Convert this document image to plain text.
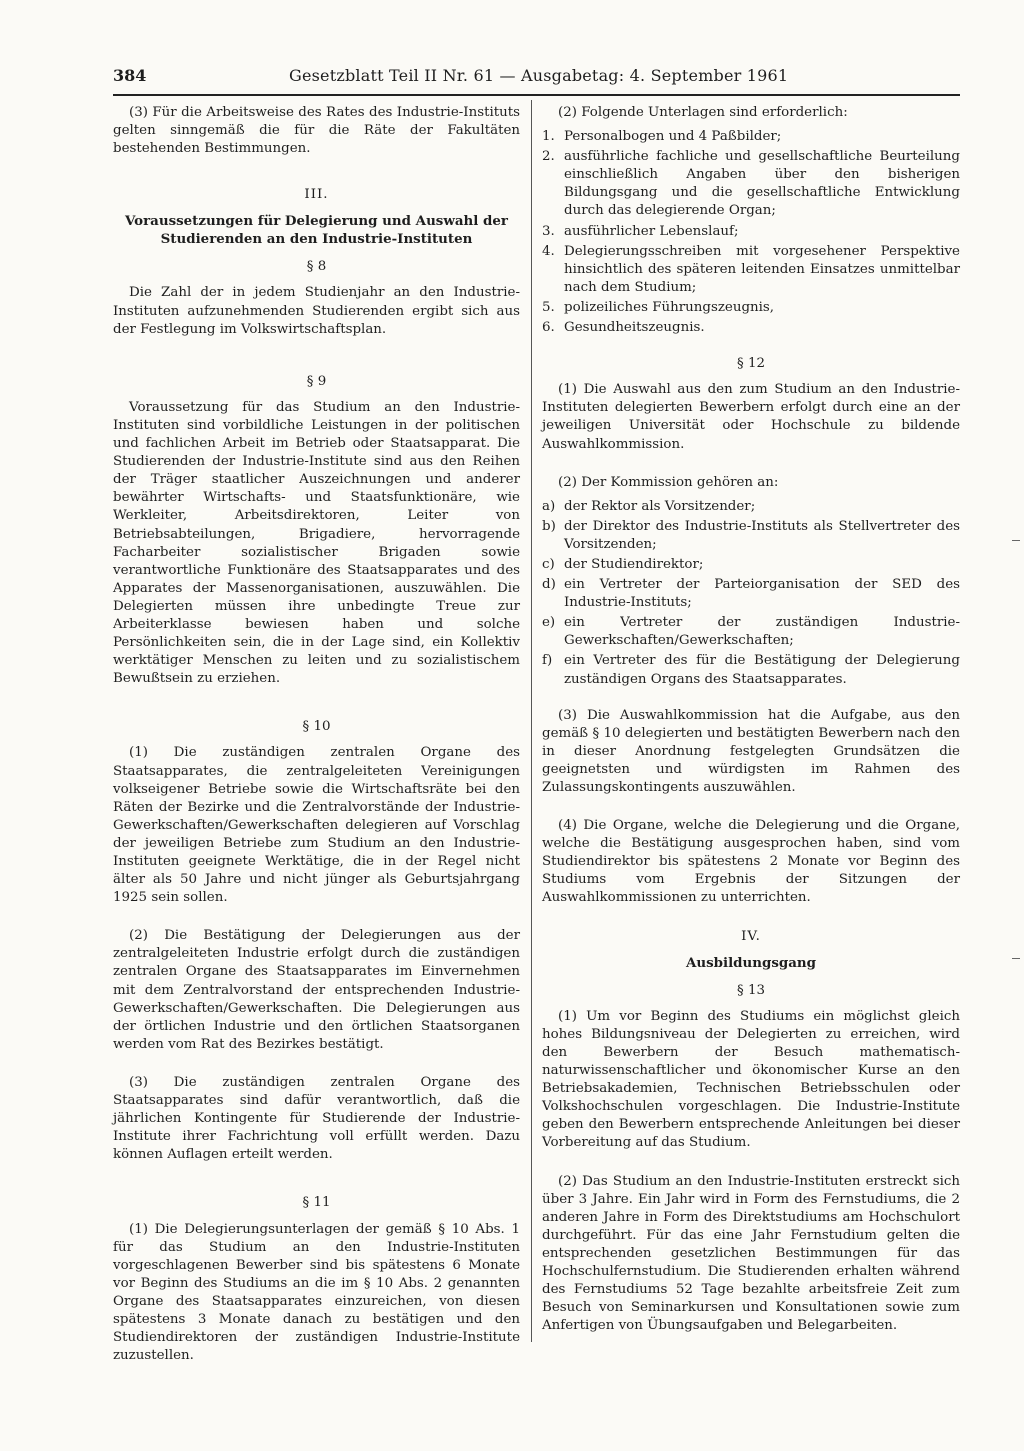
384	Gesetzblatt Teil II Nr. 61 — Ausgabetag: 4. September 1961

(3) Für die Arbeitsweise des Rates des Industrie-Instituts gelten sinngemäß die für die Räte der Fakultäten bestehenden Bestimmungen.

III.

Voraussetzungen für Delegierung und Auswahl der Studierenden an den Industrie-Instituten

§ 8

Die Zahl der in jedem Studienjahr an den Industrie-Instituten aufzunehmenden Studierenden ergibt sich aus der Festlegung im Volkswirtschaftsplan.

§ 9

Voraussetzung für das Studium an den Industrie-Instituten sind vorbildliche Leistungen in der politischen und fachlichen Arbeit im Betrieb oder Staatsapparat. Die Studierenden der Industrie-Institute sind aus den Reihen der Träger staatlicher Auszeichnungen und anderer bewährter Wirtschafts- und Staatsfunktionäre, wie Werkleiter, Arbeitsdirektoren, Leiter von Betriebsabteilungen, Brigadiere, hervorragende Facharbeiter sozialistischer Brigaden sowie verantwortliche Funktionäre des Staatsapparates und des Apparates der Massenorganisationen, auszuwählen. Die Delegierten müssen ihre unbedingte Treue zur Arbeiterklasse bewiesen haben und solche Persönlichkeiten sein, die in der Lage sind, ein Kollektiv werktätiger Menschen zu leiten und zu sozialistischem Bewußtsein zu erziehen.

§ 10

(1) Die zuständigen zentralen Organe des Staatsapparates, die zentralgeleiteten Vereinigungen volkseigener Betriebe sowie die Wirtschaftsräte bei den Räten der Bezirke und die Zentralvorstände der Industrie-Gewerkschaften/Gewerkschaften delegieren auf Vorschlag der jeweiligen Betriebe zum Studium an den Industrie-Instituten geeignete Werktätige, die in der Regel nicht älter als 50 Jahre und nicht jünger als Geburtsjahrgang 1925 sein sollen.

(2) Die Bestätigung der Delegierungen aus der zentralgeleiteten Industrie erfolgt durch die zuständigen zentralen Organe des Staatsapparates im Einvernehmen mit dem Zentralvorstand der entsprechenden Industrie-Gewerkschaften/Gewerkschaften. Die Delegierungen aus der örtlichen Industrie und den örtlichen Staatsorganen werden vom Rat des Bezirkes bestätigt.

(3) Die zuständigen zentralen Organe des Staatsapparates sind dafür verantwortlich, daß die jährlichen Kontingente für Studierende der Industrie-Institute ihrer Fachrichtung voll erfüllt werden. Dazu können Auflagen erteilt werden.

§ 11

(1) Die Delegierungsunterlagen der gemäß § 10 Abs. 1 für das Studium an den Industrie-Instituten vorgeschlagenen Bewerber sind bis spätestens 6 Monate vor Beginn des Studiums an die im § 10 Abs. 2 genannten Organe des Staatsapparates einzureichen, von diesen spätestens 3 Monate danach zu bestätigen und den Studiendirektoren der zuständigen Industrie-Institute zuzustellen.

(2) Folgende Unterlagen sind erforderlich:

1. Personalbogen und 4 Paßbilder;
2. ausführliche fachliche und gesellschaftliche Beurteilung einschließlich Angaben über den bisherigen Bildungsgang und die gesellschaftliche Entwicklung durch das delegierende Organ;
3. ausführlicher Lebenslauf;
4. Delegierungsschreiben mit vorgesehener Perspektive hinsichtlich des späteren leitenden Einsatzes unmittelbar nach dem Studium;
5. polizeiliches Führungszeugnis,
6. Gesundheitszeugnis.

§ 12

(1) Die Auswahl aus den zum Studium an den Industrie-Instituten delegierten Bewerbern erfolgt durch eine an der jeweiligen Universität oder Hochschule zu bildende Auswahlkommission.

(2) Der Kommission gehören an:

a) der Rektor als Vorsitzender;
b) der Direktor des Industrie-Instituts als Stellvertreter des Vorsitzenden;
c) der Studiendirektor;
d) ein Vertreter der Parteiorganisation der SED des Industrie-Instituts;
e) ein Vertreter der zuständigen Industrie-Gewerkschaften/Gewerkschaften;
f) ein Vertreter des für die Bestätigung der Delegierung zuständigen Organs des Staatsapparates.

(3) Die Auswahlkommission hat die Aufgabe, aus den gemäß § 10 delegierten und bestätigten Bewerbern nach den in dieser Anordnung festgelegten Grundsätzen die geeignetsten und würdigsten im Rahmen des Zulassungskontingents auszuwählen.

(4) Die Organe, welche die Delegierung und die Organe, welche die Bestätigung ausgesprochen haben, sind vom Studiendirektor bis spätestens 2 Monate vor Beginn des Studiums vom Ergebnis der Sitzungen der Auswahlkommissionen zu unterrichten.

IV.

Ausbildungsgang

§ 13

(1) Um vor Beginn des Studiums ein möglichst gleich hohes Bildungsniveau der Delegierten zu erreichen, wird den Bewerbern der Besuch mathematisch-naturwissenschaftlicher und ökonomischer Kurse an den Betriebsakademien, Technischen Betriebsschulen oder Volkshochschulen vorgeschlagen. Die Industrie-Institute geben den Bewerbern entsprechende Anleitungen bei dieser Vorbereitung auf das Studium.

(2) Das Studium an den Industrie-Instituten erstreckt sich über 3 Jahre. Ein Jahr wird in Form des Fernstudiums, die 2 anderen Jahre in Form des Direktstudiums am Hochschulort durchgeführt. Für das eine Jahr Fernstudium gelten die entsprechenden gesetzlichen Bestimmungen für das Hochschulfernstudium. Die Studierenden erhalten während des Fernstudiums 52 Tage bezahlte arbeitsfreie Zeit zum Besuch von Seminarkursen und Konsultationen sowie zum Anfertigen von Übungsaufgaben und Belegarbeiten.
